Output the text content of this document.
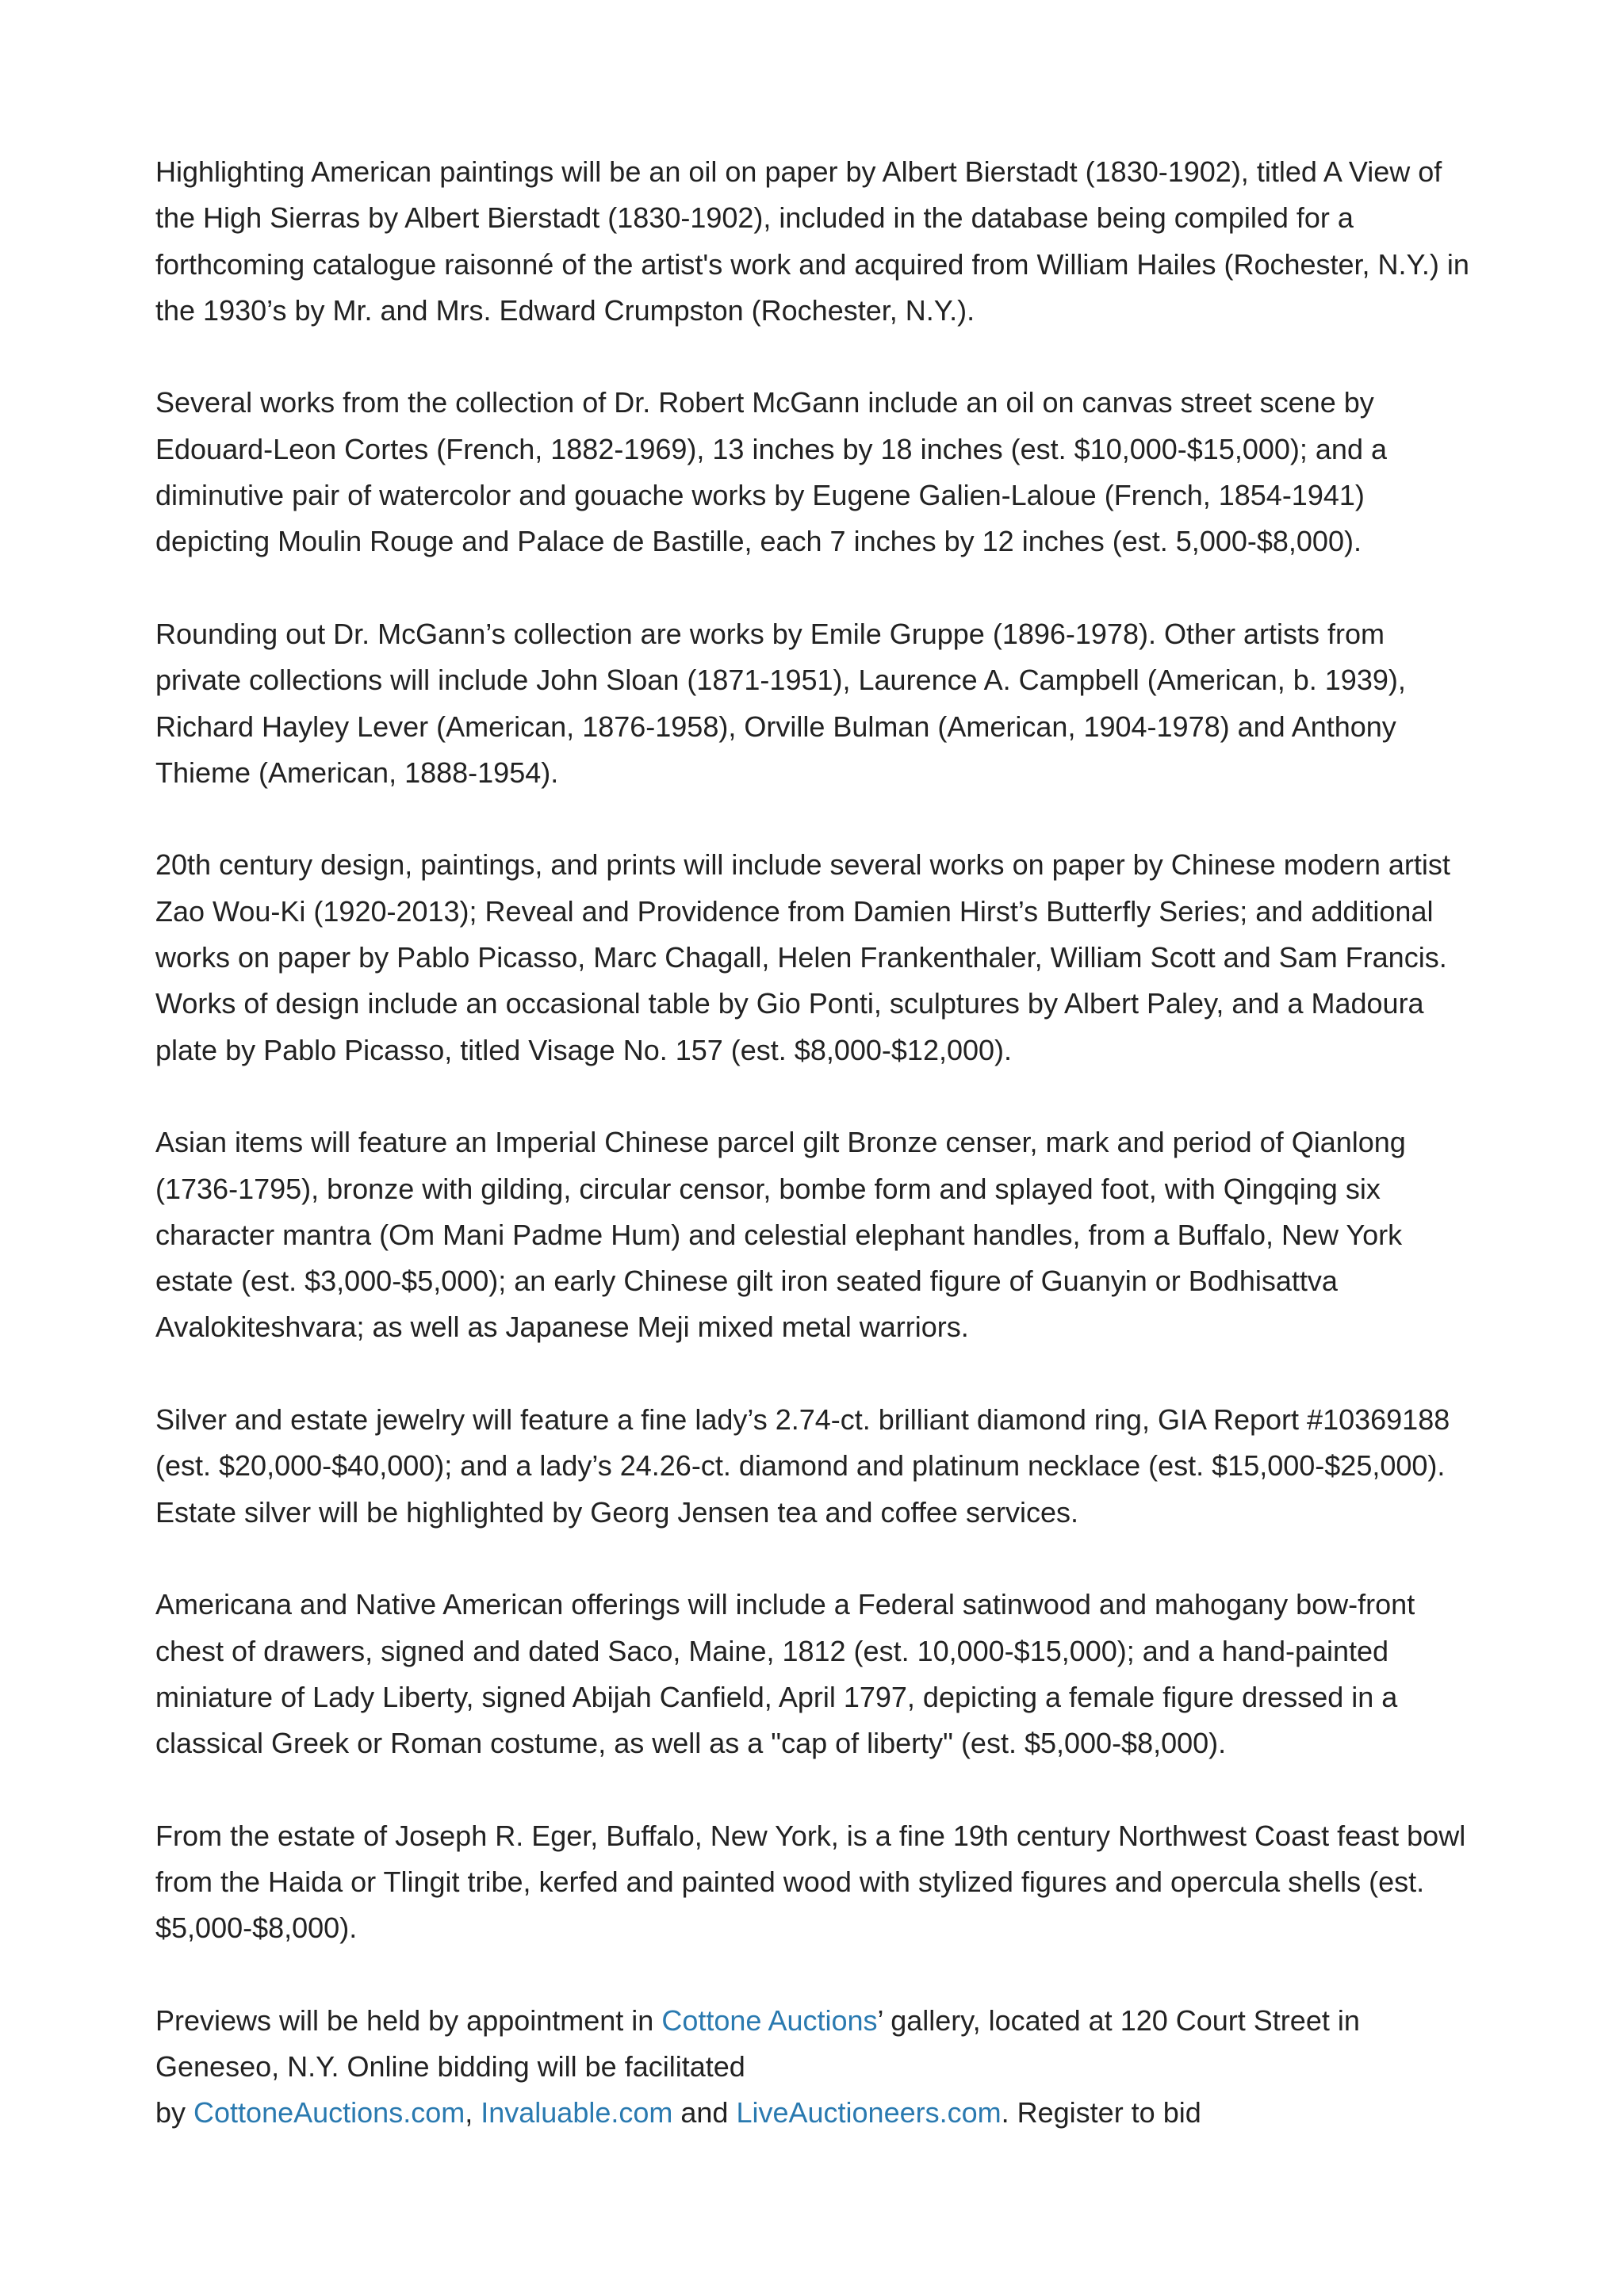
Highlighting American paintings will be an oil on paper by Albert Bierstadt (1830-1902), titled A View of the High Sierras by Albert Bierstadt (1830-1902), included in the database being compiled for a forthcoming catalogue raisonné of the artist's work and acquired from William Hailes (Rochester, N.Y.) in the 1930’s by Mr. and Mrs. Edward Crumpston (Rochester, N.Y.).

Several works from the collection of Dr. Robert McGann include an oil on canvas street scene by Edouard-Leon Cortes (French, 1882-1969), 13 inches by 18 inches (est. $10,000-$15,000); and a diminutive pair of watercolor and gouache works by Eugene Galien-Laloue (French, 1854-1941) depicting Moulin Rouge and Palace de Bastille, each 7 inches by 12 inches (est. 5,000-$8,000).

Rounding out Dr. McGann’s collection are works by Emile Gruppe (1896-1978). Other artists from private collections will include John Sloan (1871-1951), Laurence A. Campbell (American, b. 1939), Richard Hayley Lever (American, 1876-1958), Orville Bulman (American, 1904-1978) and Anthony Thieme (American, 1888-1954).

20th century design, paintings, and prints will include several works on paper by Chinese modern artist Zao Wou-Ki (1920-2013); Reveal and Providence from Damien Hirst’s Butterfly Series; and additional works on paper by Pablo Picasso, Marc Chagall, Helen Frankenthaler, William Scott and Sam Francis. Works of design include an occasional table by Gio Ponti, sculptures by Albert Paley, and a Madoura plate by Pablo Picasso, titled Visage No. 157 (est. $8,000-$12,000).

Asian items will feature an Imperial Chinese parcel gilt Bronze censer, mark and period of Qianlong (1736-1795), bronze with gilding, circular censor, bombe form and splayed foot, with Qingqing six character mantra (Om Mani Padme Hum) and celestial elephant handles, from a Buffalo, New York estate (est. $3,000-$5,000); an early Chinese gilt iron seated figure of Guanyin or Bodhisattva Avalokiteshvara; as well as Japanese Meji mixed metal warriors.

Silver and estate jewelry will feature a fine lady’s 2.74-ct. brilliant diamond ring, GIA Report #10369188 (est. $20,000-$40,000); and a lady’s 24.26-ct. diamond and platinum necklace (est. $15,000-$25,000). Estate silver will be highlighted by Georg Jensen tea and coffee services.

Americana and Native American offerings will include a Federal satinwood and mahogany bow-front chest of drawers, signed and dated Saco, Maine, 1812 (est. 10,000-$15,000); and a hand-painted miniature of Lady Liberty, signed Abijah Canfield, April 1797, depicting a female figure dressed in a classical Greek or Roman costume, as well as a "cap of liberty" (est. $5,000-$8,000).

From the estate of Joseph R. Eger, Buffalo, New York, is a fine 19th century Northwest Coast feast bowl from the Haida or Tlingit tribe, kerfed and painted wood with stylized figures and opercula shells (est. $5,000-$8,000).

Previews will be held by appointment in Cottone Auctions’ gallery, located at 120 Court Street in Geneseo, N.Y. Online bidding will be facilitated
by CottoneAuctions.com, Invaluable.com and LiveAuctioneers.com. Register to bid
